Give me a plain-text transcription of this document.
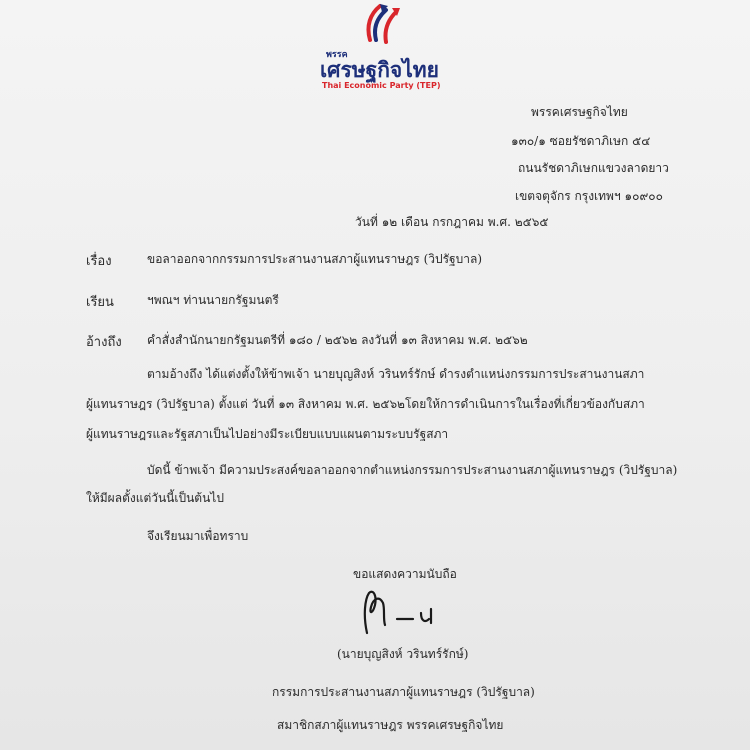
พรรค
เศรษฐกิจไทย
Thai Economic Party (TEP)
พรรคเศรษฐกิจไทย
๑๓๐/๑ ซอยรัชดาภิเษก ๕๔
ถนนรัชดาภิเษกแขวงลาดยาว
เขตจตุจักร กรุงเทพฯ ๑๐๙๐๐
วันที่ ๑๒ เดือน กรกฎาคม พ.ศ. ๒๕๖๕
เรื่อง	ขอลาออกจากกรรมการประสานงานสภาผู้แทนราษฎร (วิปรัฐบาล)
เรียน	ฯพณฯ ท่านนายกรัฐมนตรี
อ้างถึง คำสั่งสำนักนายกรัฐมนตรีที่ ๑๘๐ / ๒๕๖๒ ลงวันที่ ๑๓ สิงหาคม พ.ศ. ๒๕๖๒
ตามอ้างถึง ได้แต่งตั้งให้ข้าพเจ้า นายบุญสิงห์ วรินทร์รักษ์ ดำรงตำแหน่งกรรมการประสานงานสภา
ผู้แทนราษฎร (วิปรัฐบาล) ตั้งแต่ วันที่ ๑๓ สิงหาคม พ.ศ. ๒๕๖๒โดยให้การดำเนินการในเรื่องที่เกี่ยวข้องกับสภา
ผู้แทนราษฎรและรัฐสภาเป็นไปอย่างมีระเบียบแบบแผนตามระบบรัฐสภา
บัดนี้ ข้าพเจ้า มีความประสงค์ขอลาออกจากตำแหน่งกรรมการประสานงานสภาผู้แทนราษฎร (วิปรัฐบาล)
ให้มีผลตั้งแต่วันนี้เป็นต้นไป
จึงเรียนมาเพื่อทราบ
ขอแสดงความนับถือ
(นายบุญสิงห์ วรินทร์รักษ์)
กรรมการประสานงานสภาผู้แทนราษฎร (วิปรัฐบาล)
สมาชิกสภาผู้แทนราษฎร พรรคเศรษฐกิจไทย
